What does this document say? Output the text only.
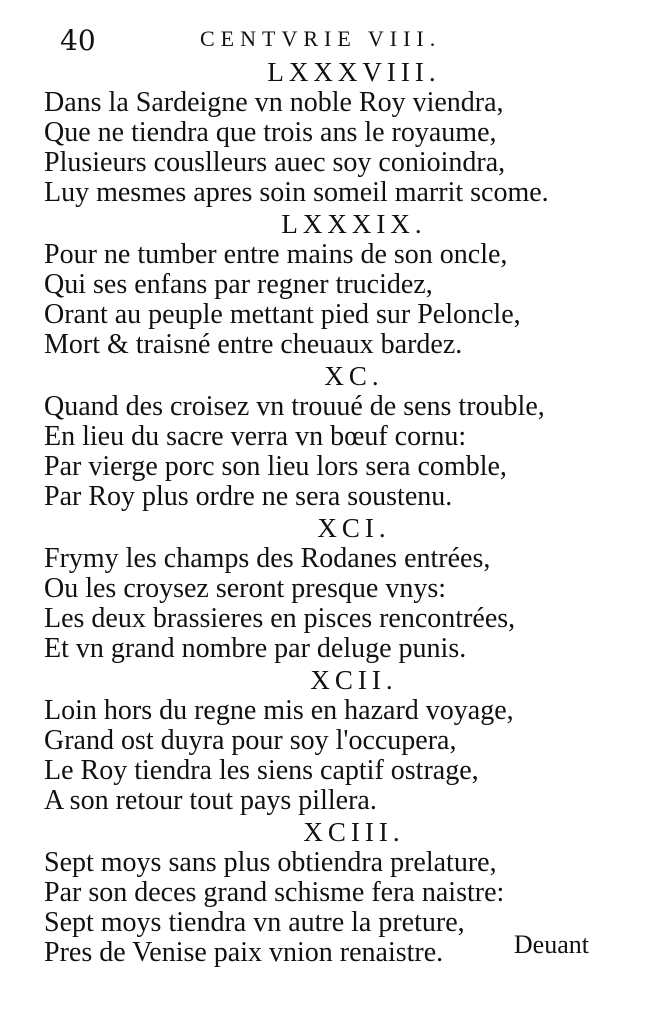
40	CENTVRIE VIII.
LXXXVIII.
Dans la Sardeigne vn noble Roy viendra,
Que ne tiendra que trois ans le royaume,
Plusieurs couslleurs auec soy conioindra,
Luy mesmes apres soin someil marrit scome.
LXXXIX.
Pour ne tumber entre mains de son oncle,
Qui ses enfans par regner trucidez,
Orant au peuple mettant pied sur Peloncle,
Mort & traisné entre cheuaux bardez.
XC.
Quand des croisez vn trouué de sens trouble,
En lieu du sacre verra vn bœuf cornu:
Par vierge porc son lieu lors sera comble,
Par Roy plus ordre ne sera soustenu.
XCI.
Frymy les champs des Rodanes entrées,
Ou les croysez seront presque vnys:
Les deux brassieres en pisces rencontrées,
Et vn grand nombre par deluge punis.
XCII.
Loin hors du regne mis en hazard voyage,
Grand ost duyra pour soy l'occupera,
Le Roy tiendra les siens captif ostrage,
A son retour tout pays pillera.
XCIII.
Sept moys sans plus obtiendra prelature,
Par son deces grand schisme fera naistre:
Sept moys tiendra vn autre la preture,
Pres de Venise paix vnion renaistre.	Deuant
